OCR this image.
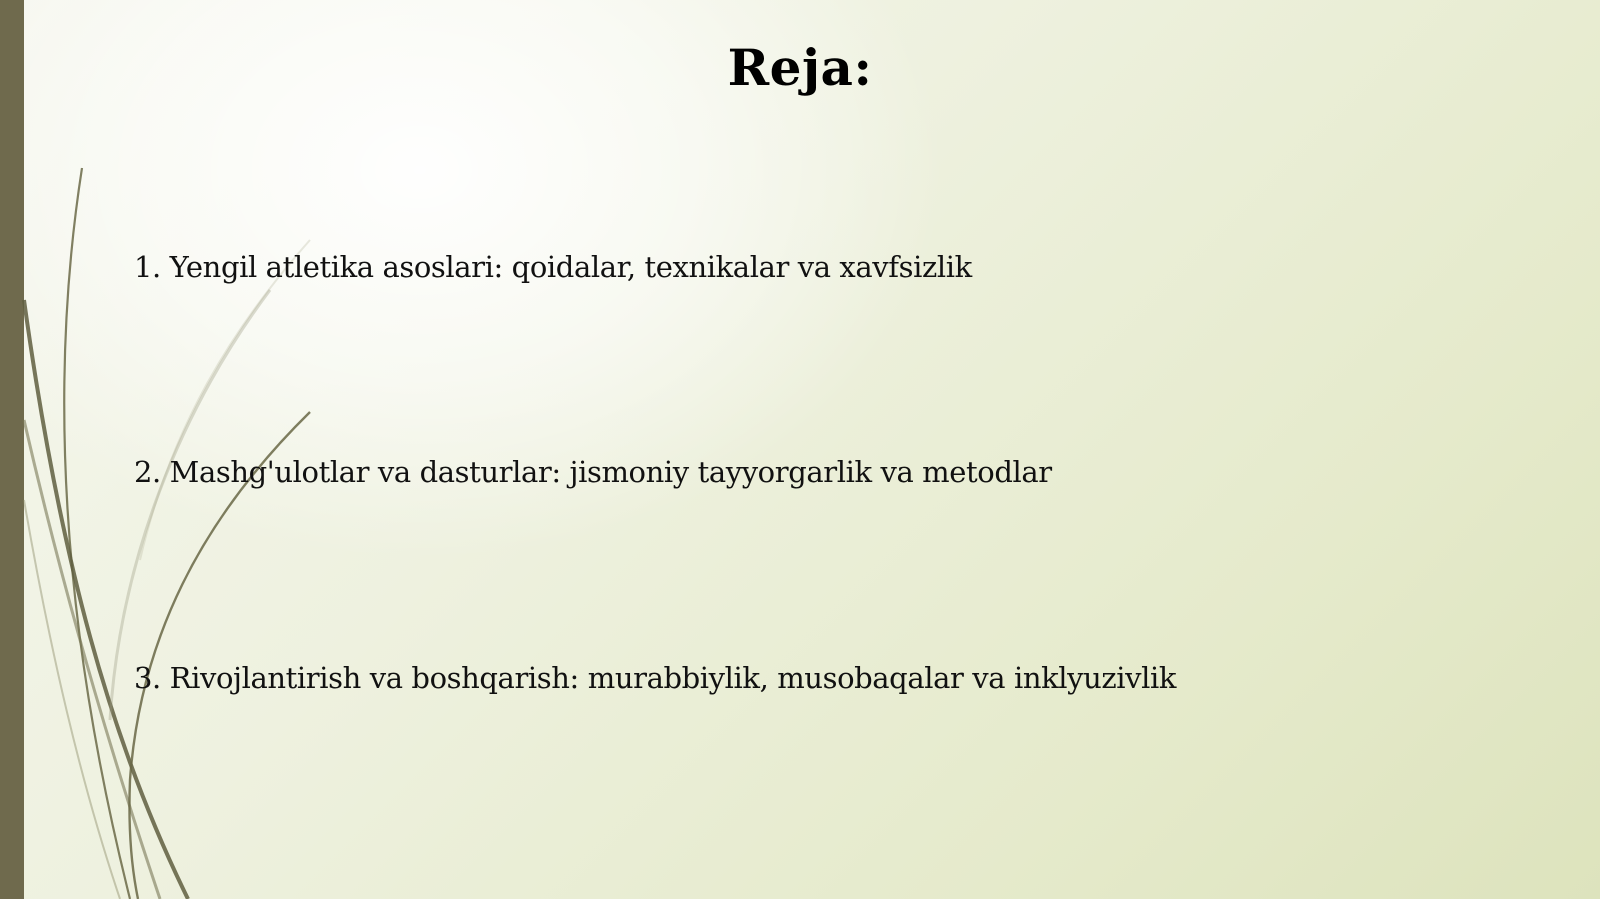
Reja:
1. Yengil atletika asoslari: qoidalar, texnikalar va xavfsizlik
2. Mashg'ulotlar va dasturlar: jismoniy tayyorgarlik va metodlar
3. Rivojlantirish va boshqarish: murabbiylik, musobaqalar va inklyuzivlik
